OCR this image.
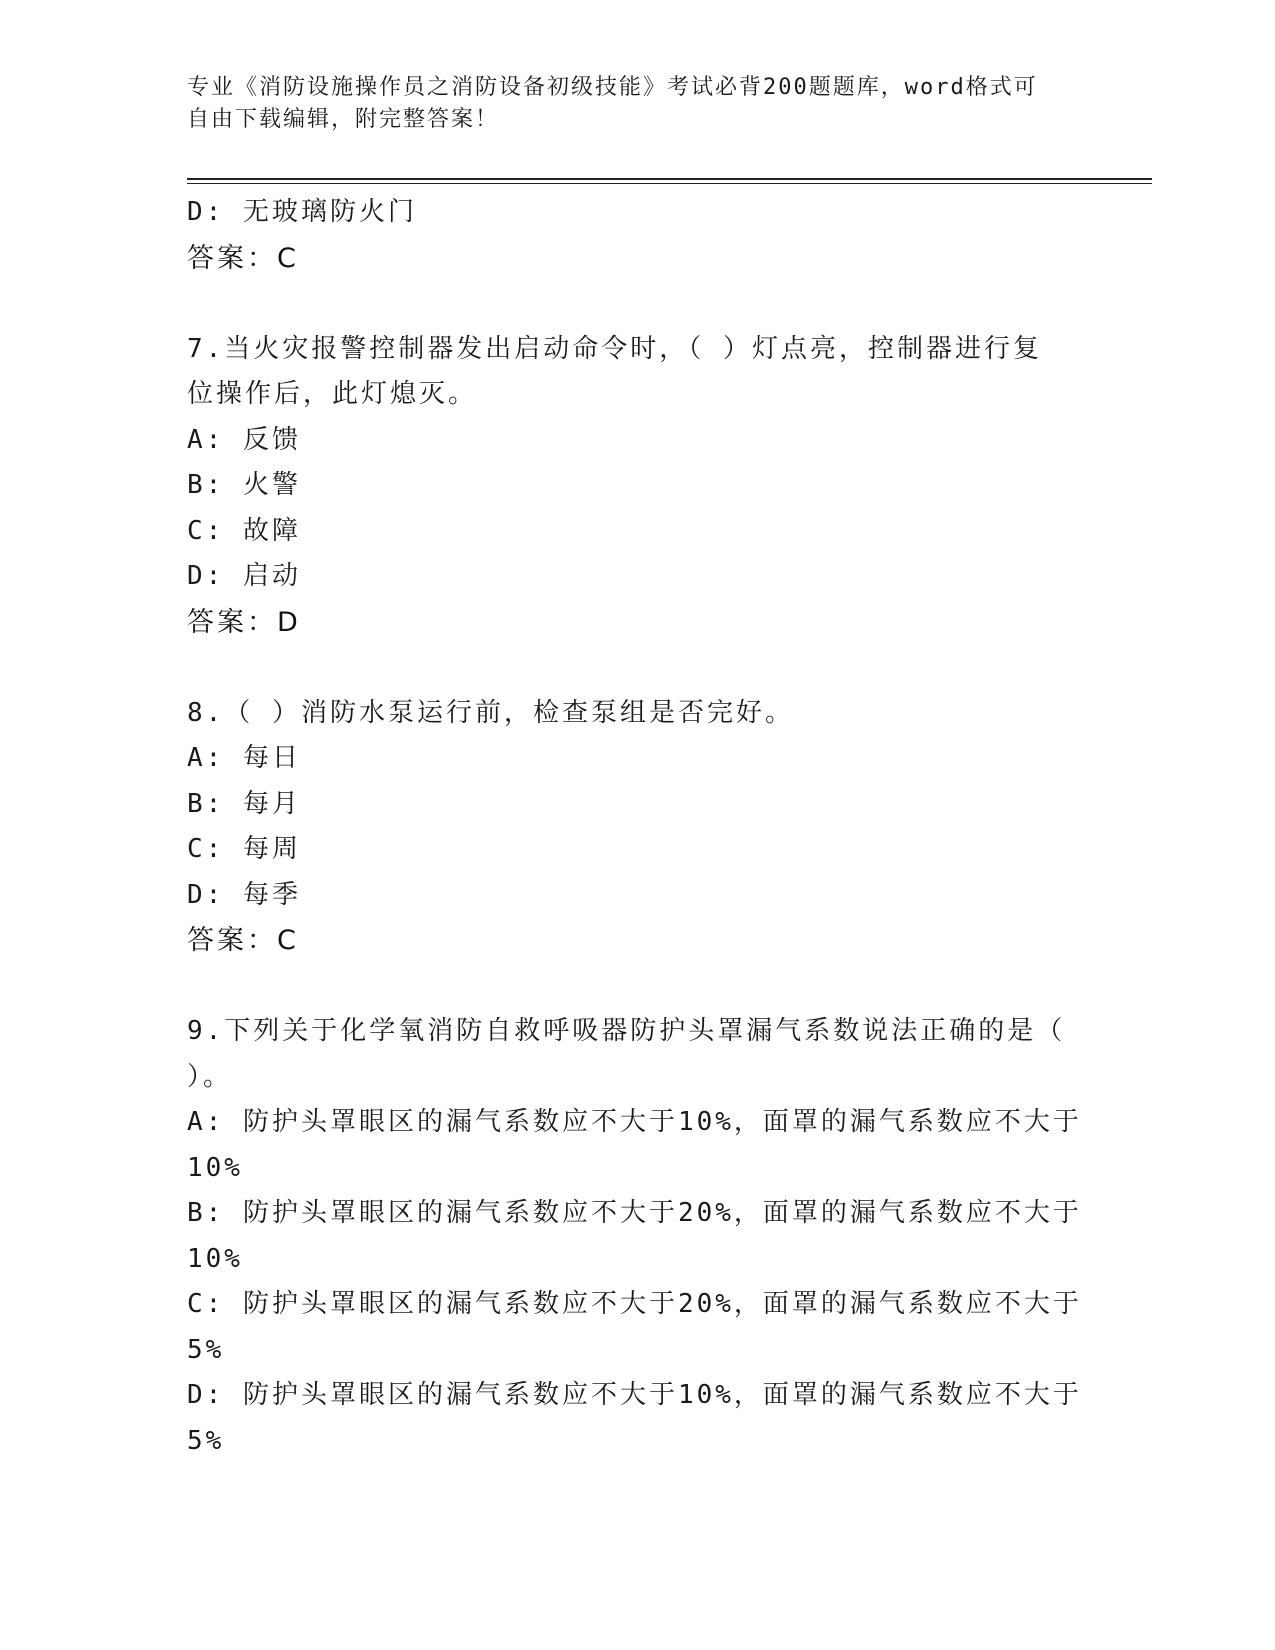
专业《消防设施操作员之消防设备初级技能》考试必背200题题库，word格式可
自由下载编辑，附完整答案！
D: 无玻璃防火门
答案：C
7.当火灾报警控制器发出启动命令时，（ ）灯点亮，控制器进行复
位操作后，此灯熄灭。
A: 反馈
B: 火警
C: 故障
D: 启动
答案：D
8.（ ）消防水泵运行前，检查泵组是否完好。
A: 每日
B: 每月
C: 每周
D: 每季
答案：C
9.下列关于化学氧消防自救呼吸器防护头罩漏气系数说法正确的是（
）。
A: 防护头罩眼区的漏气系数应不大于10%，面罩的漏气系数应不大于
10%
B: 防护头罩眼区的漏气系数应不大于20%，面罩的漏气系数应不大于
10%
C: 防护头罩眼区的漏气系数应不大于20%，面罩的漏气系数应不大于
5%
D: 防护头罩眼区的漏气系数应不大于10%，面罩的漏气系数应不大于
5%
